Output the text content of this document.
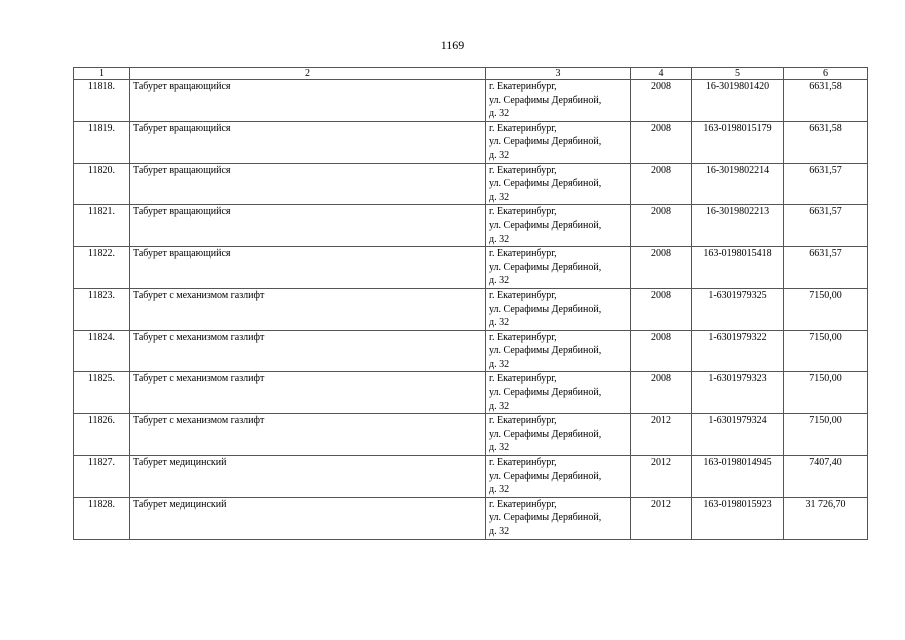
1169
1	2	3	4	5	6
11818.	Табурет вращающийся	г. Екатеринбург,
ул. Серафимы Дерябиной,
д. 32	2008	16-3019801420	6631,58
11819.	Табурет вращающийся	г. Екатеринбург,
ул. Серафимы Дерябиной,
д. 32	2008	163-0198015179	6631,58
11820.	Табурет вращающийся	г. Екатеринбург,
ул. Серафимы Дерябиной,
д. 32	2008	16-3019802214	6631,57
11821.	Табурет вращающийся	г. Екатеринбург,
ул. Серафимы Дерябиной,
д. 32	2008	16-3019802213	6631,57
11822.	Табурет вращающийся	г. Екатеринбург,
ул. Серафимы Дерябиной,
д. 32	2008	163-0198015418	6631,57
11823.	Табурет с механизмом газлифт	г. Екатеринбург,
ул. Серафимы Дерябиной,
д. 32	2008	1-6301979325	7150,00
11824.	Табурет с механизмом газлифт	г. Екатеринбург,
ул. Серафимы Дерябиной,
д. 32	2008	1-6301979322	7150,00
11825.	Табурет с механизмом газлифт	г. Екатеринбург,
ул. Серафимы Дерябиной,
д. 32	2008	1-6301979323	7150,00
11826.	Табурет с механизмом газлифт	г. Екатеринбург,
ул. Серафимы Дерябиной,
д. 32	2012	1-6301979324	7150,00
11827.	Табурет медицинский	г. Екатеринбург,
ул. Серафимы Дерябиной,
д. 32	2012	163-0198014945	7407,40
11828.	Табурет медицинский	г. Екатеринбург,
ул. Серафимы Дерябиной,
д. 32	2012	163-0198015923	31 726,70
